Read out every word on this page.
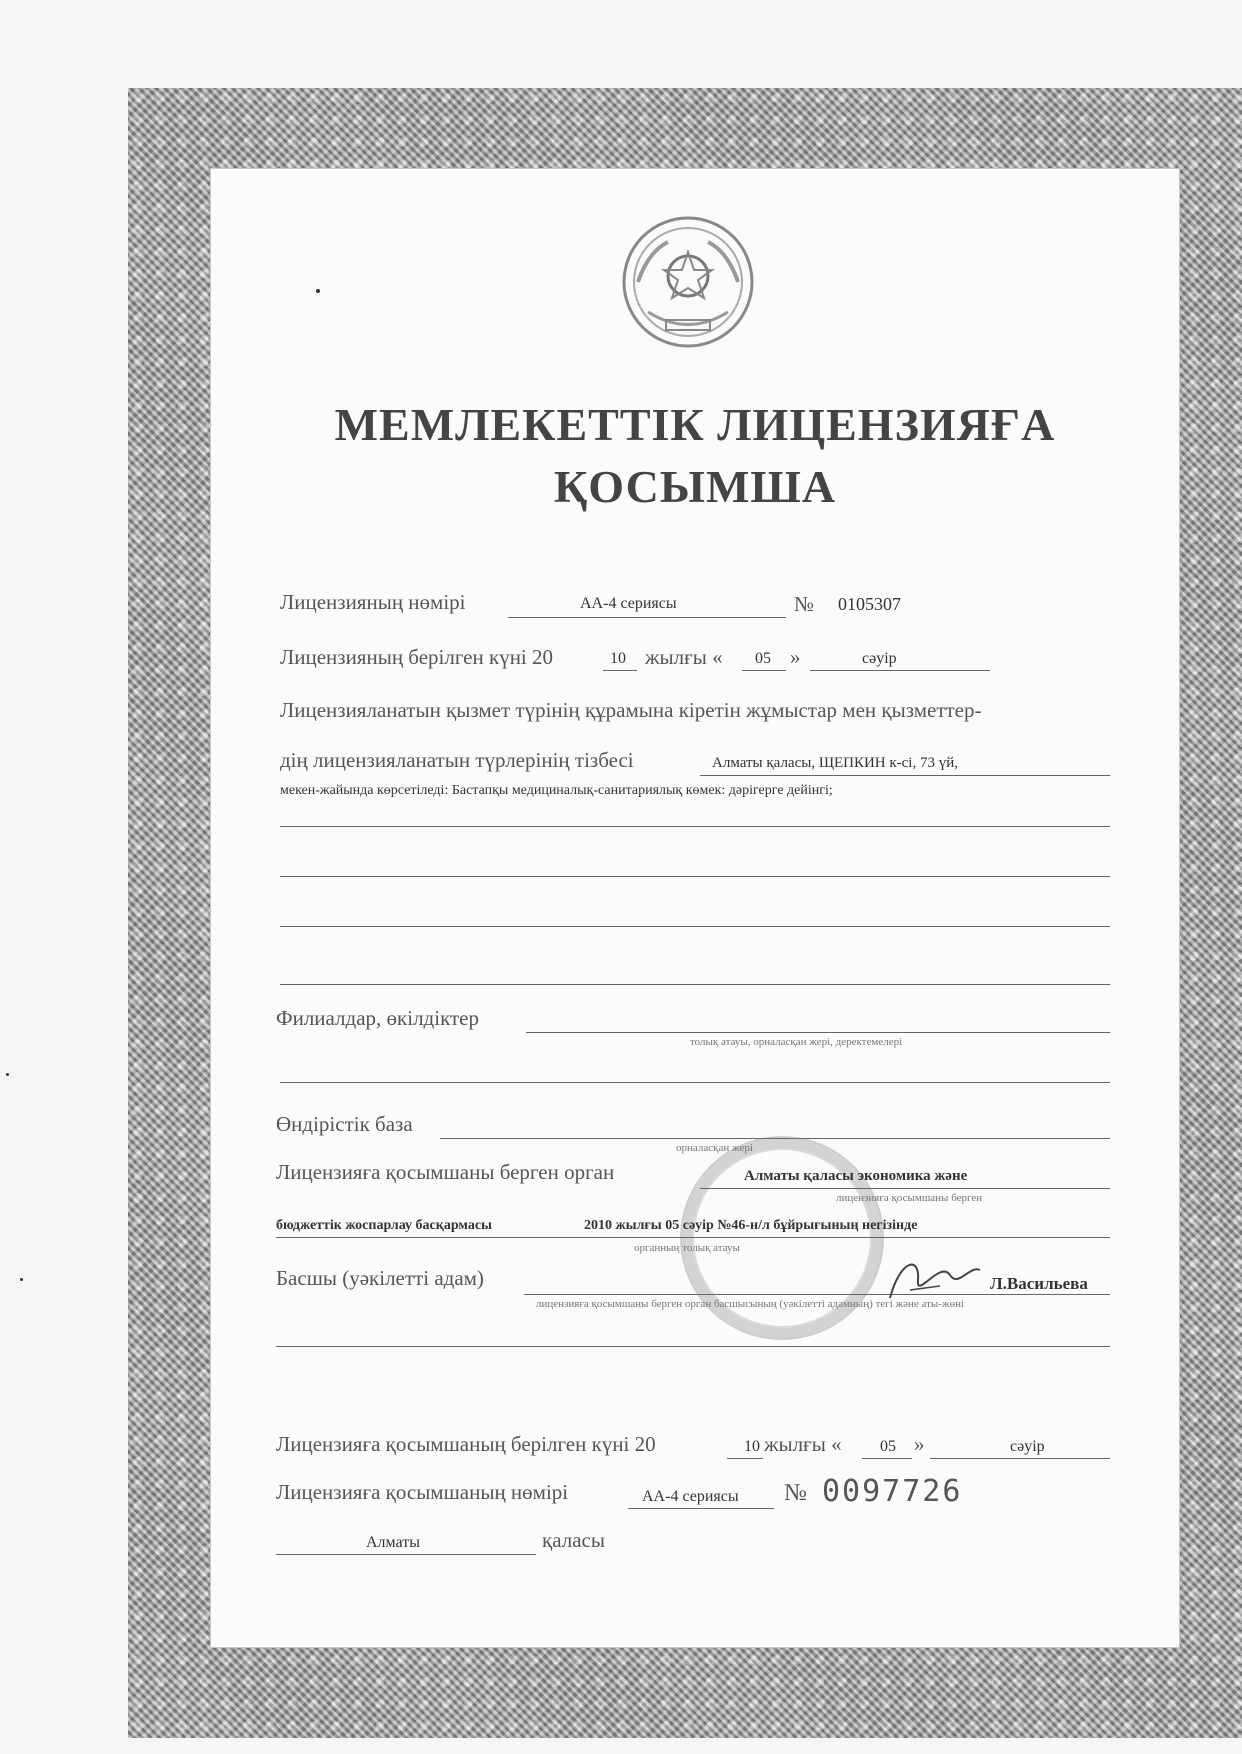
МЕМЛЕКЕТТІК ЛИЦЕНЗИЯҒА
ҚОСЫМША
Лицензияның нөмірі	АА-4 сериясы	№ 0105307
Лицензияның берілген күні 20	10 жылғы « 05 »	сәуір
Лицензияланатын қызмет түрінің құрамына кіретін жұмыстар мен қызметтер-
дің лицензияланатын түрлерінің тізбесі	Алматы қаласы, ЩЕПКИН к-сі, 73 үй,
мекен-жайында көрсетіледі: Бастапқы медициналық-санитариялық көмек: дәрігерге дейінгі;
Филиалдар, өкілдіктер
толық атауы, орналасқан жері, деректемелері
Өндірістік база
орналасқан жері
Лицензияға қосымшаны берген орган	Алматы қаласы экономика және
лицензияға қосымшаны берген
бюджеттік жоспарлау басқармасы	2010 жылғы 05 сәуір №46-н/л бұйрығының негізінде
органның толық атауы
Басшы (уәкілетті адам)	Л.Васильева
лицензияға қосымшаны берген орган басшысының (уәкілетті адамның) тегі және аты-жөні
Лицензияға қосымшаның берілген күні 20	10 жылғы « 05 »	сәуір
Лицензияға қосымшаның нөмірі	АА-4 сериясы № 0097726
Алматы	қаласы
